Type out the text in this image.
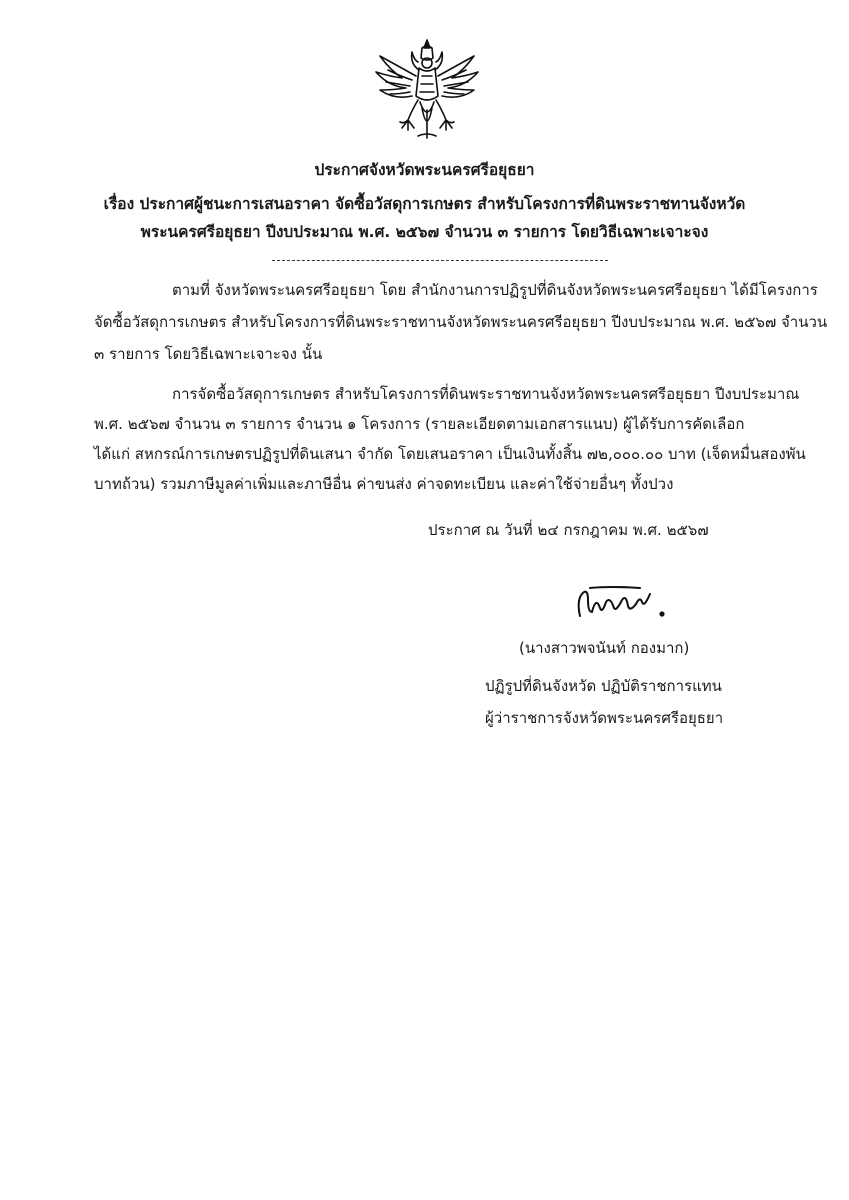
ประกาศจังหวัดพระนครศรีอยุธยา
เรื่อง ประกาศผู้ชนะการเสนอราคา จัดซื้อวัสดุการเกษตร สำหรับโครงการที่ดินพระราชทานจังหวัด
พระนครศรีอยุธยา ปีงบประมาณ พ.ศ. ๒๕๖๗ จำนวน ๓ รายการ โดยวิธีเฉพาะเจาะจง
ตามที่ จังหวัดพระนครศรีอยุธยา โดย สำนักงานการปฏิรูปที่ดินจังหวัดพระนครศรีอยุธยา ได้มีโครงการ
จัดซื้อวัสดุการเกษตร สำหรับโครงการที่ดินพระราชทานจังหวัดพระนครศรีอยุธยา ปีงบประมาณ พ.ศ. ๒๕๖๗ จำนวน
๓ รายการ โดยวิธีเฉพาะเจาะจง นั้น
การจัดซื้อวัสดุการเกษตร สำหรับโครงการที่ดินพระราชทานจังหวัดพระนครศรีอยุธยา ปีงบประมาณ
พ.ศ. ๒๕๖๗ จำนวน ๓ รายการ จำนวน ๑ โครงการ (รายละเอียดตามเอกสารแนบ) ผู้ได้รับการคัดเลือก
ได้แก่ สหกรณ์การเกษตรปฏิรูปที่ดินเสนา จำกัด โดยเสนอราคา เป็นเงินทั้งสิ้น ๗๒,๐๐๐.๐๐ บาท (เจ็ดหมื่นสองพัน
บาทถ้วน) รวมภาษีมูลค่าเพิ่มและภาษีอื่น ค่าขนส่ง ค่าจดทะเบียน และค่าใช้จ่ายอื่นๆ ทั้งปวง
ประกาศ ณ วันที่ ๒๔ กรกฎาคม พ.ศ. ๒๕๖๗
(นางสาวพจนันท์ กองมาก)
ปฏิรูปที่ดินจังหวัด ปฏิบัติราชการแทน
ผู้ว่าราชการจังหวัดพระนครศรีอยุธยา
